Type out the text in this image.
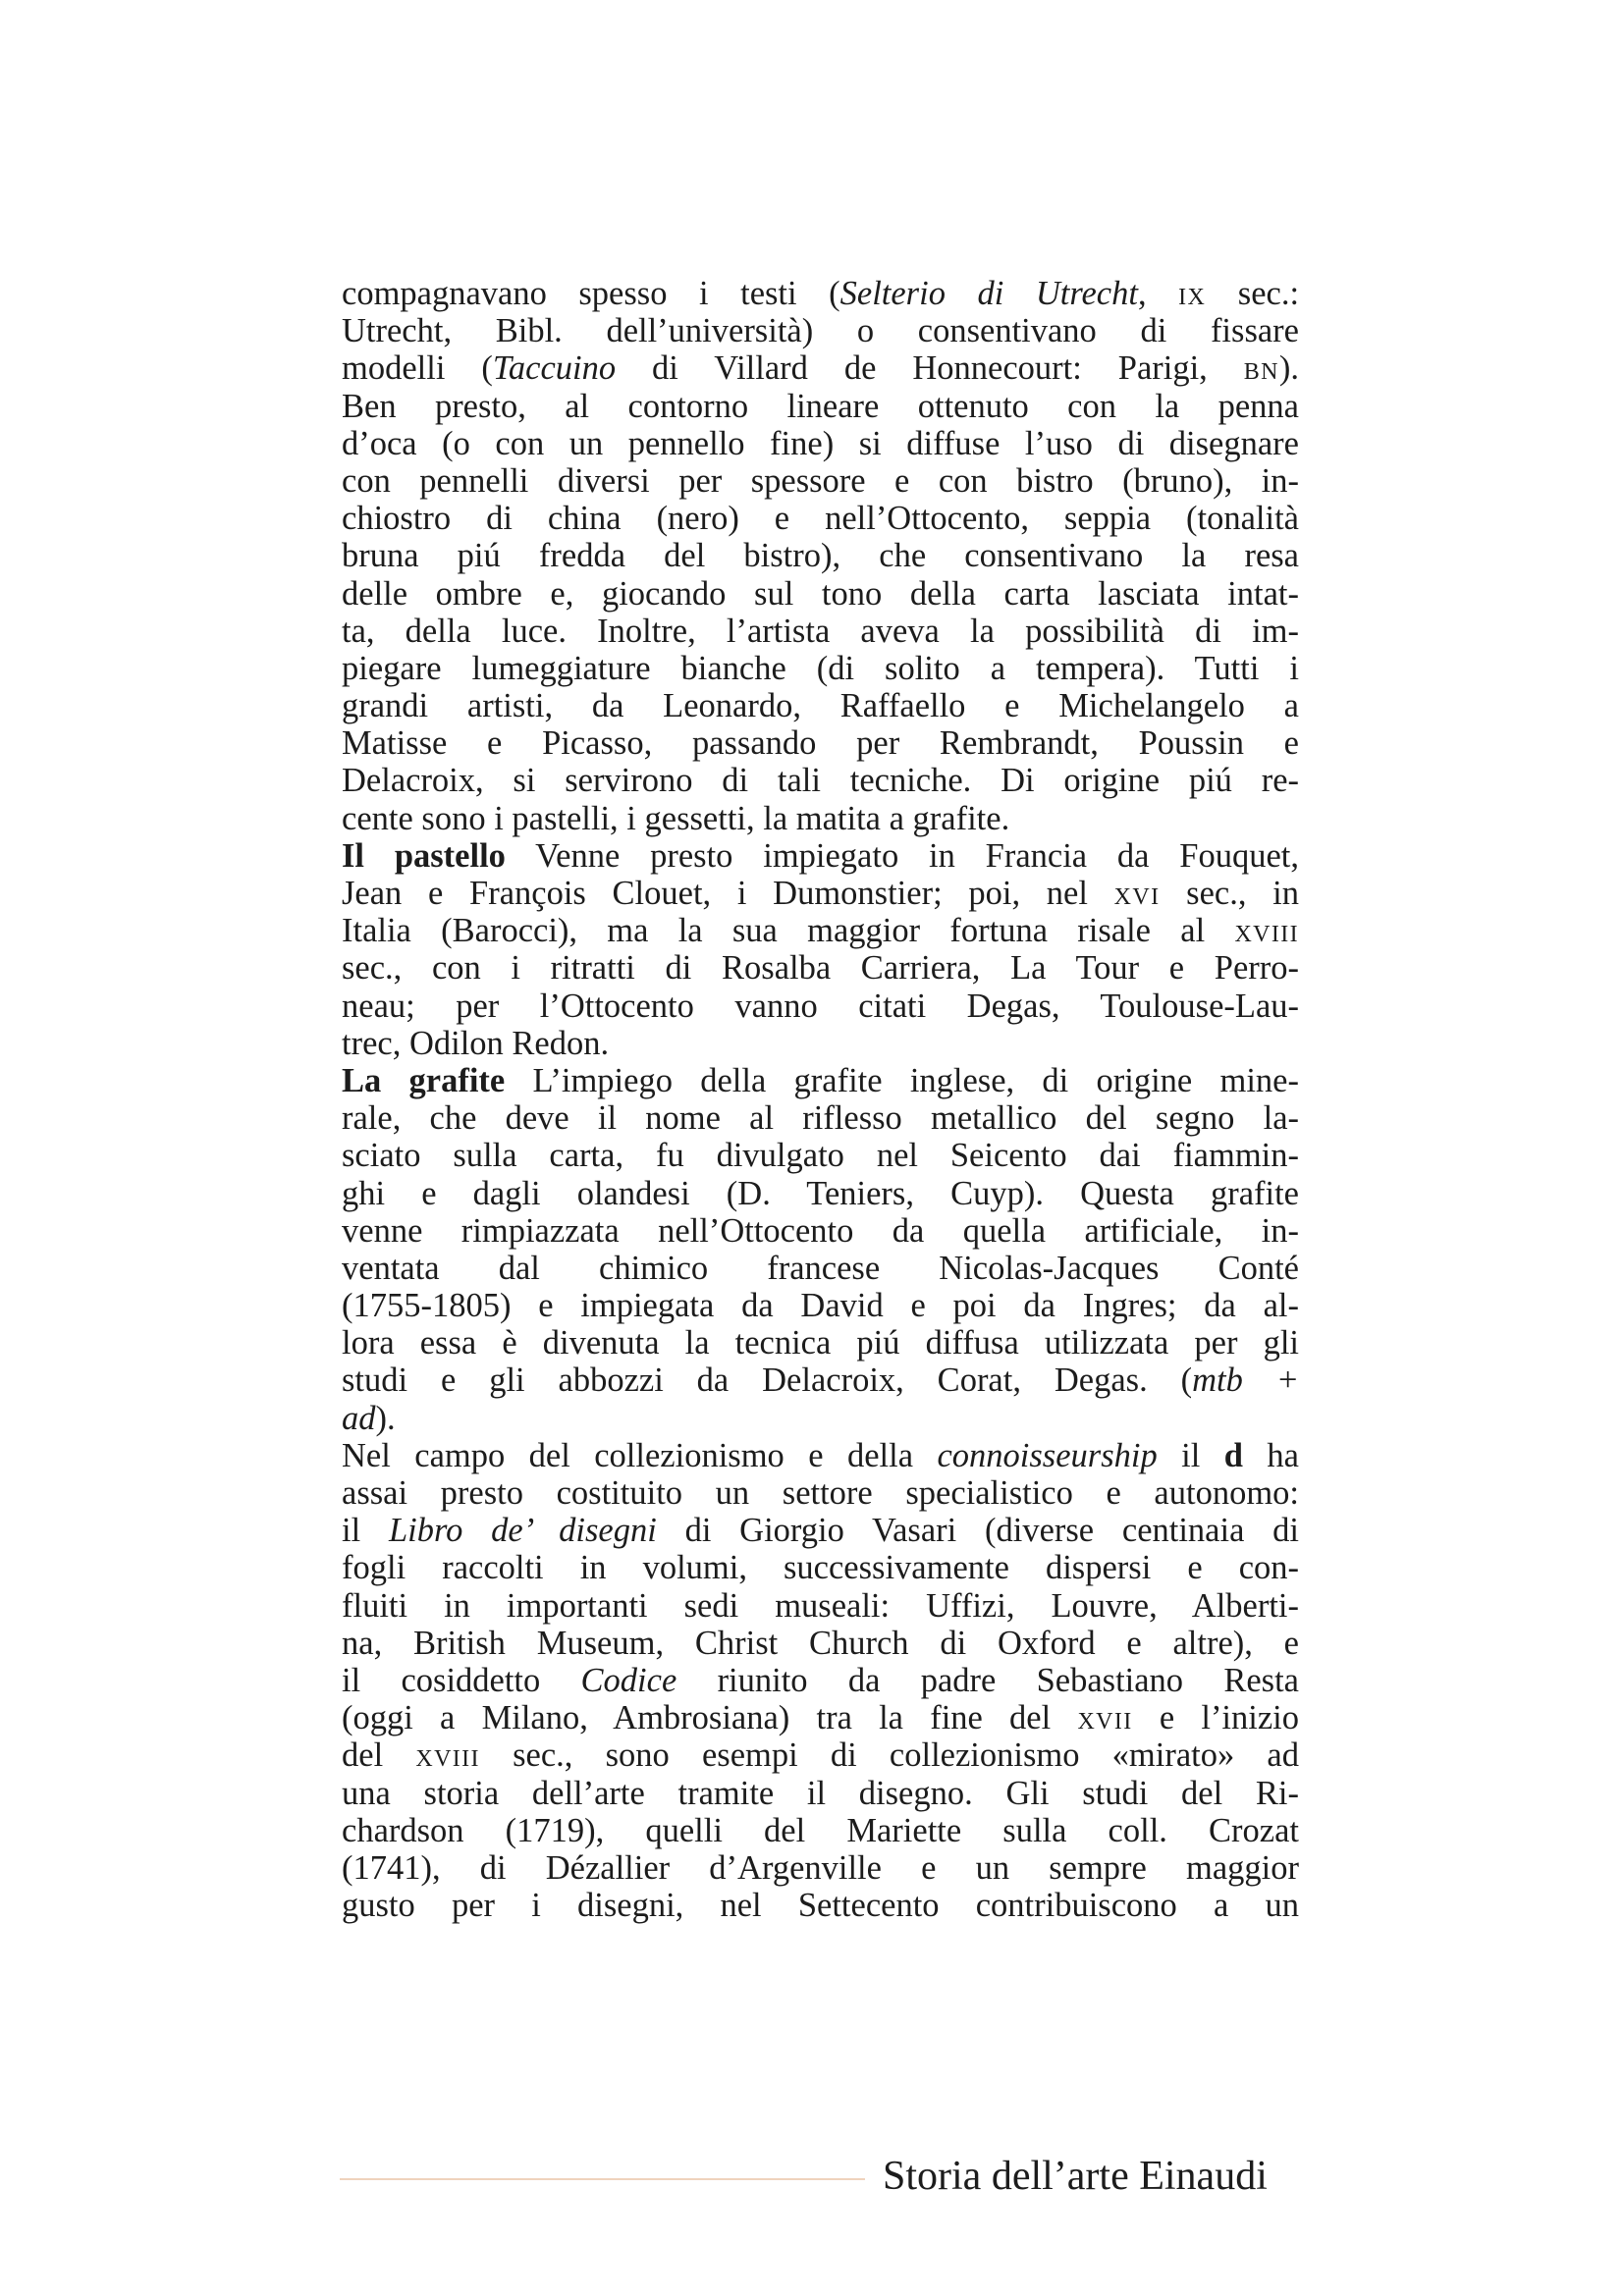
compagnavano spesso i testi (Selterio di Utrecht, ix sec.:
Utrecht, Bibl. dell’università) o consentivano di fissare
modelli (Taccuino di Villard de Honnecourt: Parigi, bn).
Ben presto, al contorno lineare ottenuto con la penna
d’oca (o con un pennello fine) si diffuse l’uso di disegnare
con pennelli diversi per spessore e con bistro (bruno), in-
chiostro di china (nero) e nell’Ottocento, seppia (tonalità
bruna piú fredda del bistro), che consentivano la resa
delle ombre e, giocando sul tono della carta lasciata intat-
ta, della luce. Inoltre, l’artista aveva la possibilità di im-
piegare lumeggiature bianche (di solito a tempera). Tutti i
grandi artisti, da Leonardo, Raffaello e Michelangelo a
Matisse e Picasso, passando per Rembrandt, Poussin e
Delacroix, si servirono di tali tecniche. Di origine piú re-
cente sono i pastelli, i gessetti, la matita a grafite.
Il pastello Venne presto impiegato in Francia da Fouquet,
Jean e François Clouet, i Dumonstier; poi, nel xvi sec., in
Italia (Barocci), ma la sua maggior fortuna risale al xviii
sec., con i ritratti di Rosalba Carriera, La Tour e Perro-
neau; per l’Ottocento vanno citati Degas, Toulouse-Lau-
trec, Odilon Redon.
La grafite L’impiego della grafite inglese, di origine mine-
rale, che deve il nome al riflesso metallico del segno la-
sciato sulla carta, fu divulgato nel Seicento dai fiammin-
ghi e dagli olandesi (D. Teniers, Cuyp). Questa grafite
venne rimpiazzata nell’Ottocento da quella artificiale, in-
ventata dal chimico francese Nicolas-Jacques Conté
(1755-1805) e impiegata da David e poi da Ingres; da al-
lora essa è divenuta la tecnica piú diffusa utilizzata per gli
studi e gli abbozzi da Delacroix, Corat, Degas. (mtb +
ad).
Nel campo del collezionismo e della connoisseurship il d ha
assai presto costituito un settore specialistico e autonomo:
il Libro de’ disegni di Giorgio Vasari (diverse centinaia di
fogli raccolti in volumi, successivamente dispersi e con-
fluiti in importanti sedi museali: Uffizi, Louvre, Alberti-
na, British Museum, Christ Church di Oxford e altre), e
il cosiddetto Codice riunito da padre Sebastiano Resta
(oggi a Milano, Ambrosiana) tra la fine del xvii e l’inizio
del xviii sec., sono esempi di collezionismo «mirato» ad
una storia dell’arte tramite il disegno. Gli studi del Ri-
chardson (1719), quelli del Mariette sulla coll. Crozat
(1741), di Dézallier d’Argenville e un sempre maggior
gusto per i disegni, nel Settecento contribuiscono a un
Storia dell’arte Einaudi
